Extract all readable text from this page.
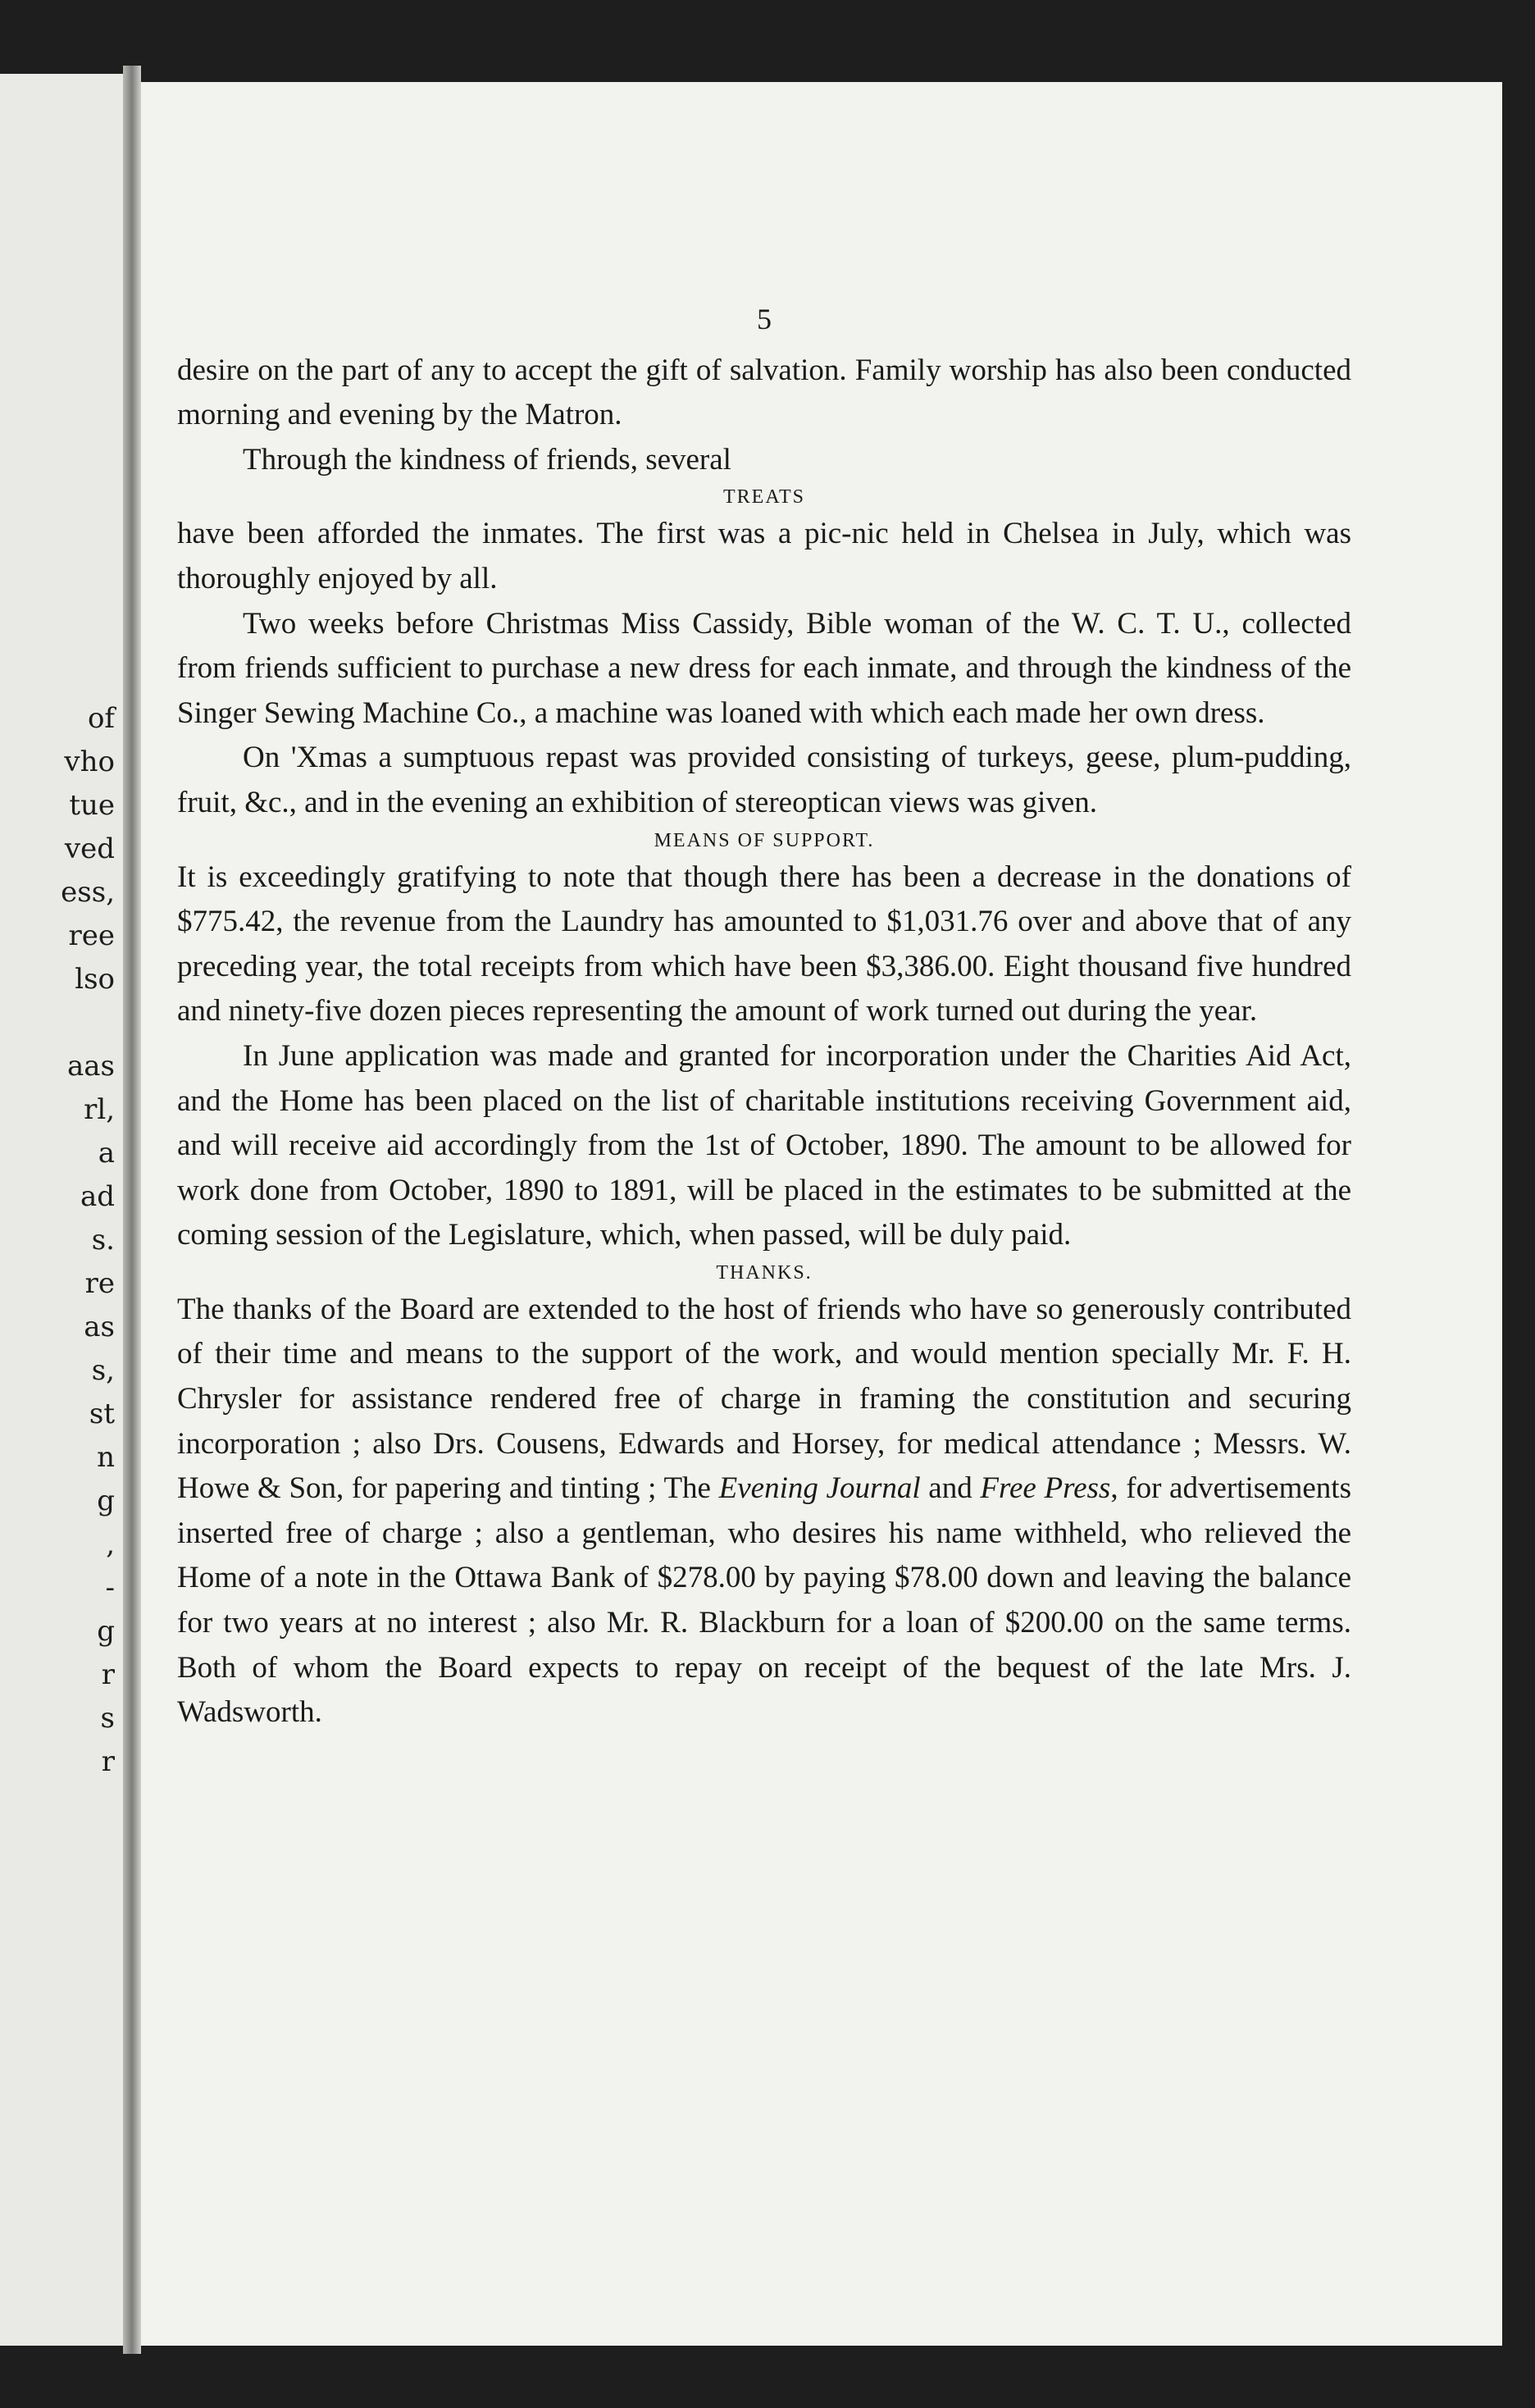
of
vho
tue
ved
ess,
ree
lso

aas
rl,
a
ad
s.
re
as
s,
st
n
g
,
-
g
r
s
r
5

desire on the part of any to accept the gift of salvation. Family worship has also been conducted morning and evening by the Matron.

Through the kindness of friends, several

TREATS

have been afforded the inmates. The first was a pic-nic held in Chelsea in July, which was thoroughly enjoyed by all.

Two weeks before Christmas Miss Cassidy, Bible woman of the W. C. T. U., collected from friends sufficient to purchase a new dress for each inmate, and through the kindness of the Singer Sewing Machine Co., a machine was loaned with which each made her own dress.

On 'Xmas a sumptuous repast was provided consisting of turkeys, geese, plum-pudding, fruit, &c., and in the evening an exhibition of stereoptican views was given.

MEANS OF SUPPORT.

It is exceedingly gratifying to note that though there has been a decrease in the donations of $775.42, the revenue from the Laundry has amounted to $1,031.76 over and above that of any preceding year, the total receipts from which have been $3,386.00. Eight thousand five hundred and ninety-five dozen pieces representing the amount of work turned out during the year.

In June application was made and granted for incorporation under the Charities Aid Act, and the Home has been placed on the list of charitable institutions receiving Government aid, and will receive aid accordingly from the 1st of October, 1890. The amount to be allowed for work done from October, 1890 to 1891, will be placed in the estimates to be submitted at the coming session of the Legislature, which, when passed, will be duly paid.

THANKS.

The thanks of the Board are extended to the host of friends who have so generously contributed of their time and means to the support of the work, and would mention specially Mr. F. H. Chrysler for assistance rendered free of charge in framing the constitution and securing incorporation ; also Drs. Cousens, Edwards and Horsey, for medical attendance ; Messrs. W. Howe & Son, for papering and tinting ; The Evening Journal and Free Press, for advertisements inserted free of charge ; also a gentleman, who desires his name withheld, who relieved the Home of a note in the Ottawa Bank of $278.00 by paying $78.00 down and leaving the balance for two years at no interest ; also Mr. R. Blackburn for a loan of $200.00 on the same terms. Both of whom the Board expects to repay on receipt of the bequest of the late Mrs. J. Wadsworth.
